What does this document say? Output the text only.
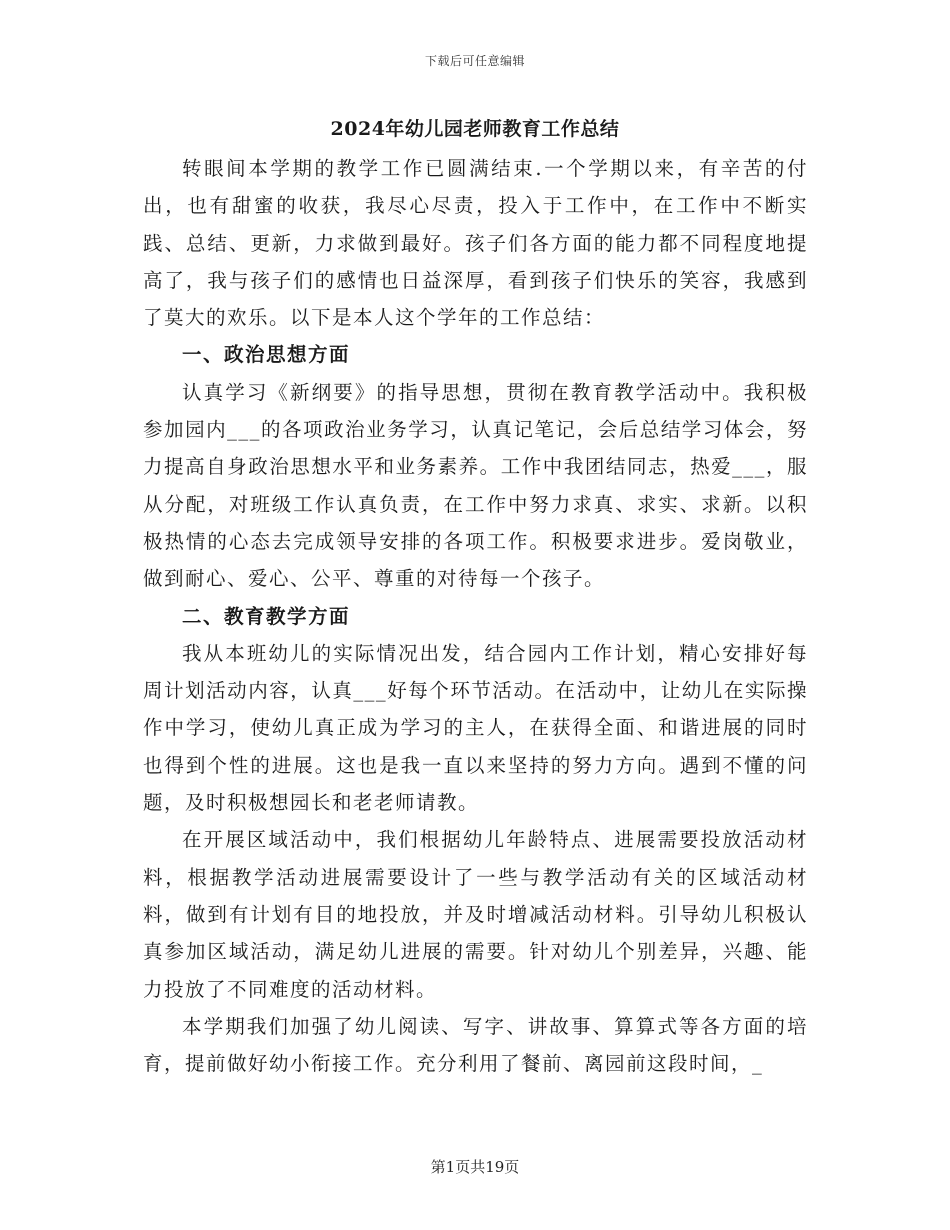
下载后可任意编辑
2024年幼儿园老师教育工作总结

转眼间本学期的教学工作已圆满结束.一个学期以来，有辛苦的付出，也有甜蜜的收获，我尽心尽责，投入于工作中，在工作中不断实践、总结、更新，力求做到最好。孩子们各方面的能力都不同程度地提高了，我与孩子们的感情也日益深厚，看到孩子们快乐的笑容，我感到了莫大的欢乐。以下是本人这个学年的工作总结：

一、政治思想方面

认真学习《新纲要》的指导思想，贯彻在教育教学活动中。我积极参加园内___的各项政治业务学习，认真记笔记，会后总结学习体会，努力提高自身政治思想水平和业务素养。工作中我团结同志，热爱___，服从分配，对班级工作认真负责，在工作中努力求真、求实、求新。以积极热情的心态去完成领导安排的各项工作。积极要求进步。爱岗敬业，做到耐心、爱心、公平、尊重的对待每一个孩子。

二、教育教学方面

我从本班幼儿的实际情况出发，结合园内工作计划，精心安排好每周计划活动内容，认真___好每个环节活动。在活动中，让幼儿在实际操作中学习，使幼儿真正成为学习的主人，在获得全面、和谐进展的同时也得到个性的进展。这也是我一直以来坚持的努力方向。遇到不懂的问题，及时积极想园长和老老师请教。

在开展区域活动中，我们根据幼儿年龄特点、进展需要投放活动材料，根据教学活动进展需要设计了一些与教学活动有关的区域活动材料，做到有计划有目的地投放，并及时增减活动材料。引导幼儿积极认真参加区域活动，满足幼儿进展的需要。针对幼儿个别差异，兴趣、能力投放了不同难度的活动材料。

本学期我们加强了幼儿阅读、写字、讲故事、算算式等各方面的培育，提前做好幼小衔接工作。充分利用了餐前、离园前这段时间，_

第1页共19页
